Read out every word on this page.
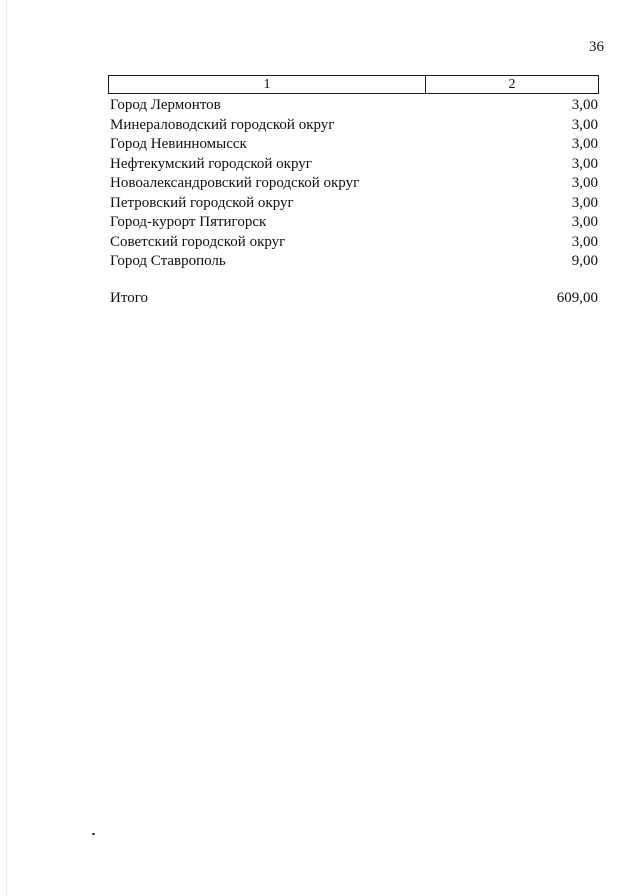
36
1	2
Город Лермонтов	3,00
Минераловодский городской округ	3,00
Город Невинномысск	3,00
Нефтекумский городской округ	3,00
Новоалександровский городской округ	3,00
Петровский городской округ	3,00
Город-курорт Пятигорск	3,00
Советский городской округ	3,00
Город Ставрополь	9,00
Итого	609,00
